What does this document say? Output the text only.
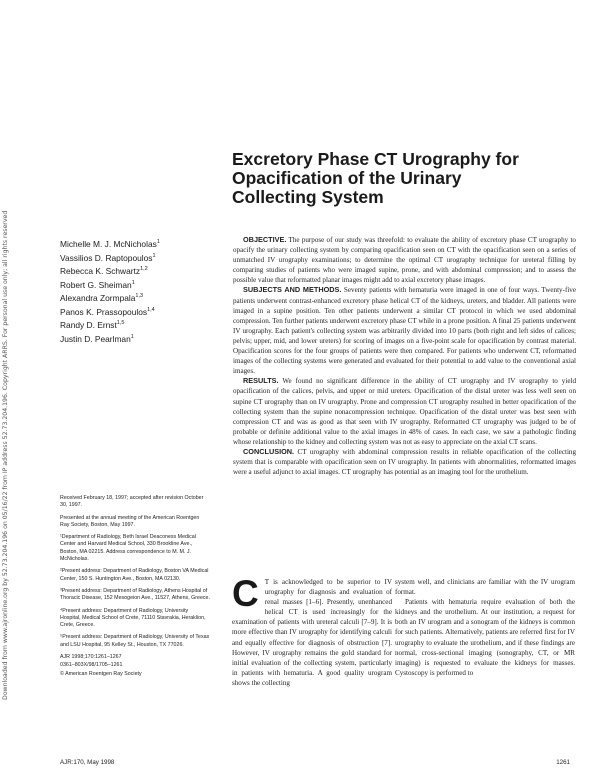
Downloaded from www.ajronline.org by 52.73.204.196 on 05/16/22 from IP address 52.73.204.196. Copyright ARRS. For personal use only; all rights reserved
Excretory Phase CT Urography for
Opacification of the Urinary
Collecting System
Michelle M. J. McNicholas$^1$
Vassilios D. Raptopoulos$^1$
Rebecca K. Schwartz$^{1,2}$
Robert G. Sheiman$^1$
Alexandra Zormpala$^{1,3}$
Panos K. Prassopoulos$^{1,4}$
Randy D. Ernst$^{1,5}$
Justin D. Pearlman$^1$

Received February 18, 1997; accepted after revision October 30, 1997.

Presented at the annual meeting of the American Roentgen Ray Society, Boston, May 1997.

¹Department of Radiology, Beth Israel Deaconess Medical Center and Harvard Medical School, 330 Brookline Ave., Boston, MA 02215. Address correspondence to M. M. J. McNicholas.

²Present address: Department of Radiology, Boston VA Medical Center, 150 S. Huntington Ave., Boston, MA 02130.

³Present address: Department of Radiology, Athens Hospital of Thoracic Disease, 152 Mesogeion Ave., 11527, Athens, Greece.

⁴Present address: Department of Radiology, University Hospital, Medical School of Crete, 71110 Stavrakia, Heraklion, Crete, Greece.

⁵Present address: Department of Radiology, University of Texas and LSU Hospital, 95 Kelley St., Houston, TX 77026.

AJR 1998;170:1261–1267

0361–803X/98/1705–1261

© American Roentgen Ray Society

OBJECTIVE. The purpose of our study was threefold: to evaluate the ability of excretory phase CT urography to opacify the urinary collecting system by comparing opacification seen on CT with the opacification seen on a series of unmatched IV urography examinations; to determine the optimal CT urography technique for ureteral filling by comparing studies of patients who were imaged supine, prone, and with abdominal compression; and to assess the possible value that reformatted planar images might add to axial excretory phase images.

SUBJECTS AND METHODS. Seventy patients with hematuria were imaged in one of four ways. Twenty-five patients underwent contrast-enhanced excretory phase helical CT of the kidneys, ureters, and bladder. All patients were imaged in a supine position. Ten other patients underwent a similar CT protocol in which we used abdominal compression. Ten further patients underwent excretory phase CT while in a prone position. A final 25 patients underwent IV urography. Each patient's collecting system was arbitrarily divided into 10 parts (both right and left sides of calices; pelvis; upper, mid, and lower ureters) for scoring of images on a five-point scale for opacification by contrast material. Opacification scores for the four groups of patients were then compared. For patients who underwent CT, reformatted images of the collecting systems were generated and evaluated for their potential to add value to the conventional axial images.

RESULTS. We found no significant difference in the ability of CT urography and IV urography to yield opacification of the calices, pelvis, and upper or mid ureters. Opacification of the distal ureter was less well seen on supine CT urography than on IV urography. Prone and compression CT urography resulted in better opacification of the collecting system than the supine nonacompression technique. Opacification of the distal ureter was best seen with compression CT and was as good as that seen with IV urography. Reformatted CT urography was judged to be of probable or definite additional value to the axial images in 48% of cases. In each case, we saw a pathologic finding whose relationship to the kidney and collecting system was not as easy to appreciate on the axial CT scans.

CONCLUSION. CT urography with abdominal compression results in reliable opacification of the collecting system that is comparable with opacification seen on IV urography. In patients with abnormalities, reformatted images were a useful adjunct to axial images. CT urography has potential as an imaging tool for the urothelium.

C T is acknowledged to be superior to IV urography for diagnosis and evaluation of renal masses [1–6]. Presently, unenhanced helical CT is used increasingly for the examination of patients with ureteral calculi [7–9]. It is more effective than IV urography for identifying calculi and equally effective for diagnosis of obstruction [7]. However, IV urography remains the gold standard for initial evaluation of the collecting system, particularly in patients with hematuria. A good quality urogram shows the collecting

system well, and clinicians are familiar with the IV urogram format.

Patients with hematuria require evaluation of both the kidneys and the urothelium. At our institution, a request for both an IV urogram and a sonogram of the kidneys is common for such patients. Alternatively, patients are referred first for IV urography to evaluate the urothelium, and if these findings are normal, cross-sectional imaging (sonography, CT, or MR imaging) is requested to evaluate the kidneys for masses. Cystoscopy is performed to

AJR:170, May 1998	1261
